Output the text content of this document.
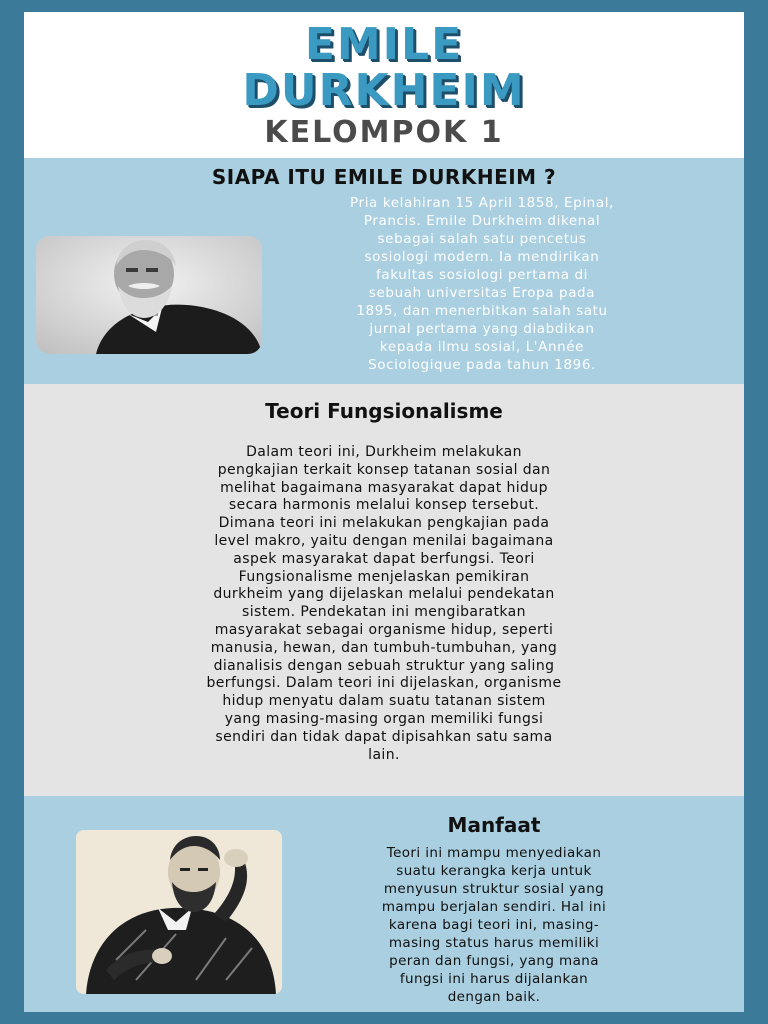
EMILE
DURKHEIM
KELOMPOK 1
SIAPA ITU EMILE DURKHEIM ?
Pria kelahiran 15 April 1858, Epinal,
Prancis. Emile Durkheim dikenal
sebagai salah satu pencetus
sosiologi modern. Ia mendirikan
fakultas sosiologi pertama di
sebuah universitas Eropa pada
1895, dan menerbitkan salah satu
jurnal pertama yang diabdikan
kepada ilmu sosial, L'Année
Sociologique pada tahun 1896.
Teori Fungsionalisme
Dalam teori ini, Durkheim melakukan
pengkajian terkait konsep tatanan sosial dan
melihat bagaimana masyarakat dapat hidup
secara harmonis melalui konsep tersebut.
Dimana teori ini melakukan pengkajian pada
level makro, yaitu dengan menilai bagaimana
aspek masyarakat dapat berfungsi. Teori
Fungsionalisme menjelaskan pemikiran
durkheim yang dijelaskan melalui pendekatan
sistem. Pendekatan ini mengibaratkan
masyarakat sebagai organisme hidup, seperti
manusia, hewan, dan tumbuh-tumbuhan, yang
dianalisis dengan sebuah struktur yang saling
berfungsi. Dalam teori ini dijelaskan, organisme
hidup menyatu dalam suatu tatanan sistem
yang masing-masing organ memiliki fungsi
sendiri dan tidak dapat dipisahkan satu sama
lain.
Manfaat
Teori ini mampu menyediakan
suatu kerangka kerja untuk
menyusun struktur sosial yang
mampu berjalan sendiri. Hal ini
karena bagi teori ini, masing-
masing status harus memiliki
peran dan fungsi, yang mana
fungsi ini harus dijalankan
dengan baik.
